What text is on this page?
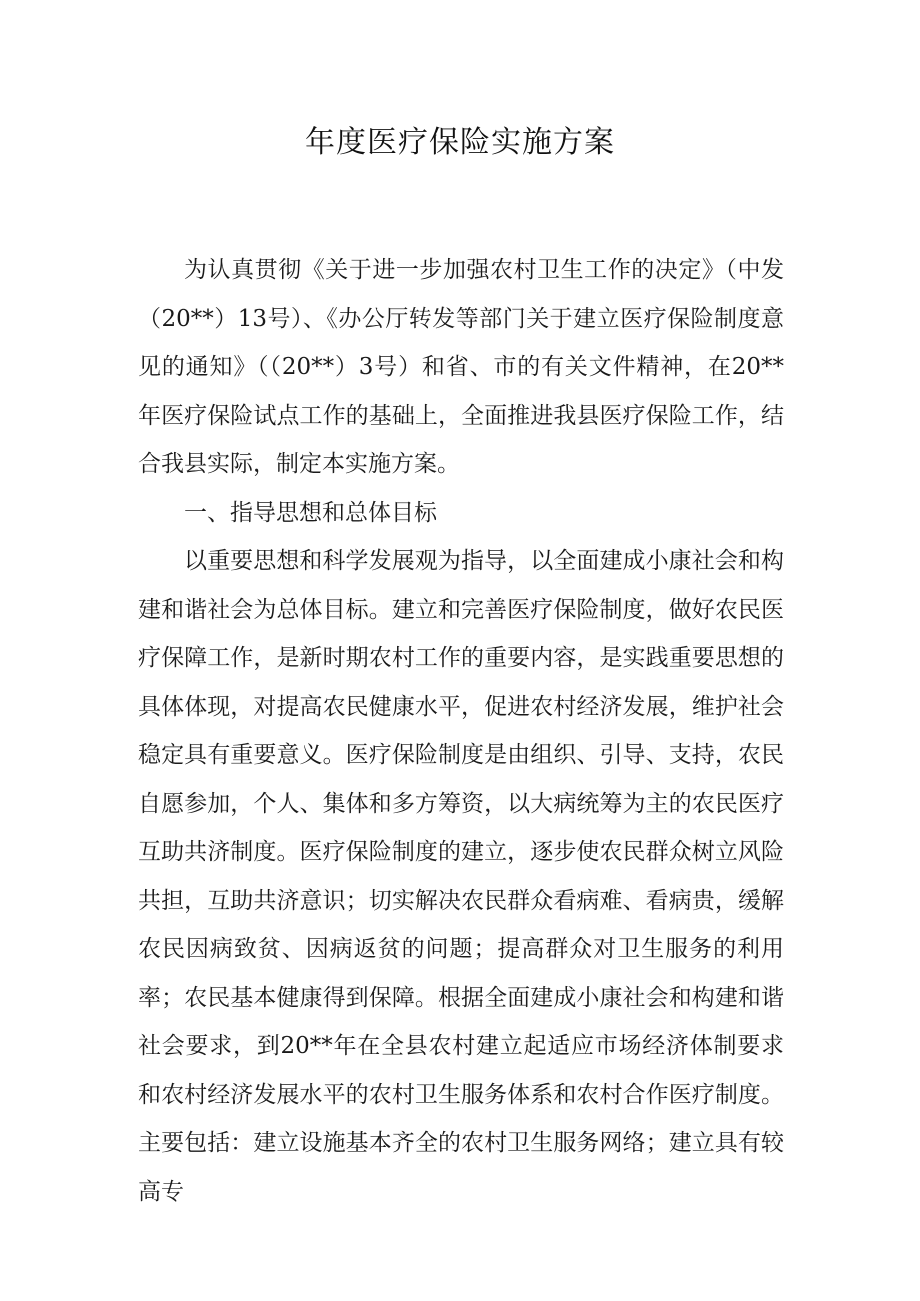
年度医疗保险实施方案

为认真贯彻《关于进一步加强农村卫生工作的决定》（中发（20**）13号）、《办公厅转发等部门关于建立医疗保险制度意见的通知》（（20**）3号）和省、市的有关文件精神，在20**年医疗保险试点工作的基础上，全面推进我县医疗保险工作，结合我县实际，制定本实施方案。

一、指导思想和总体目标

以重要思想和科学发展观为指导，以全面建成小康社会和构建和谐社会为总体目标。建立和完善医疗保险制度，做好农民医疗保障工作，是新时期农村工作的重要内容，是实践重要思想的具体体现，对提高农民健康水平，促进农村经济发展，维护社会稳定具有重要意义。医疗保险制度是由组织、引导、支持，农民自愿参加，个人、集体和多方筹资，以大病统筹为主的农民医疗互助共济制度。医疗保险制度的建立，逐步使农民群众树立风险共担，互助共济意识；切实解决农民群众看病难、看病贵，缓解农民因病致贫、因病返贫的问题；提高群众对卫生服务的利用率；农民基本健康得到保障。根据全面建成小康社会和构建和谐社会要求，到20**年在全县农村建立起适应市场经济体制要求和农村经济发展水平的农村卫生服务体系和农村合作医疗制度。主要包括：建立设施基本齐全的农村卫生服务网络；建立具有较高专
